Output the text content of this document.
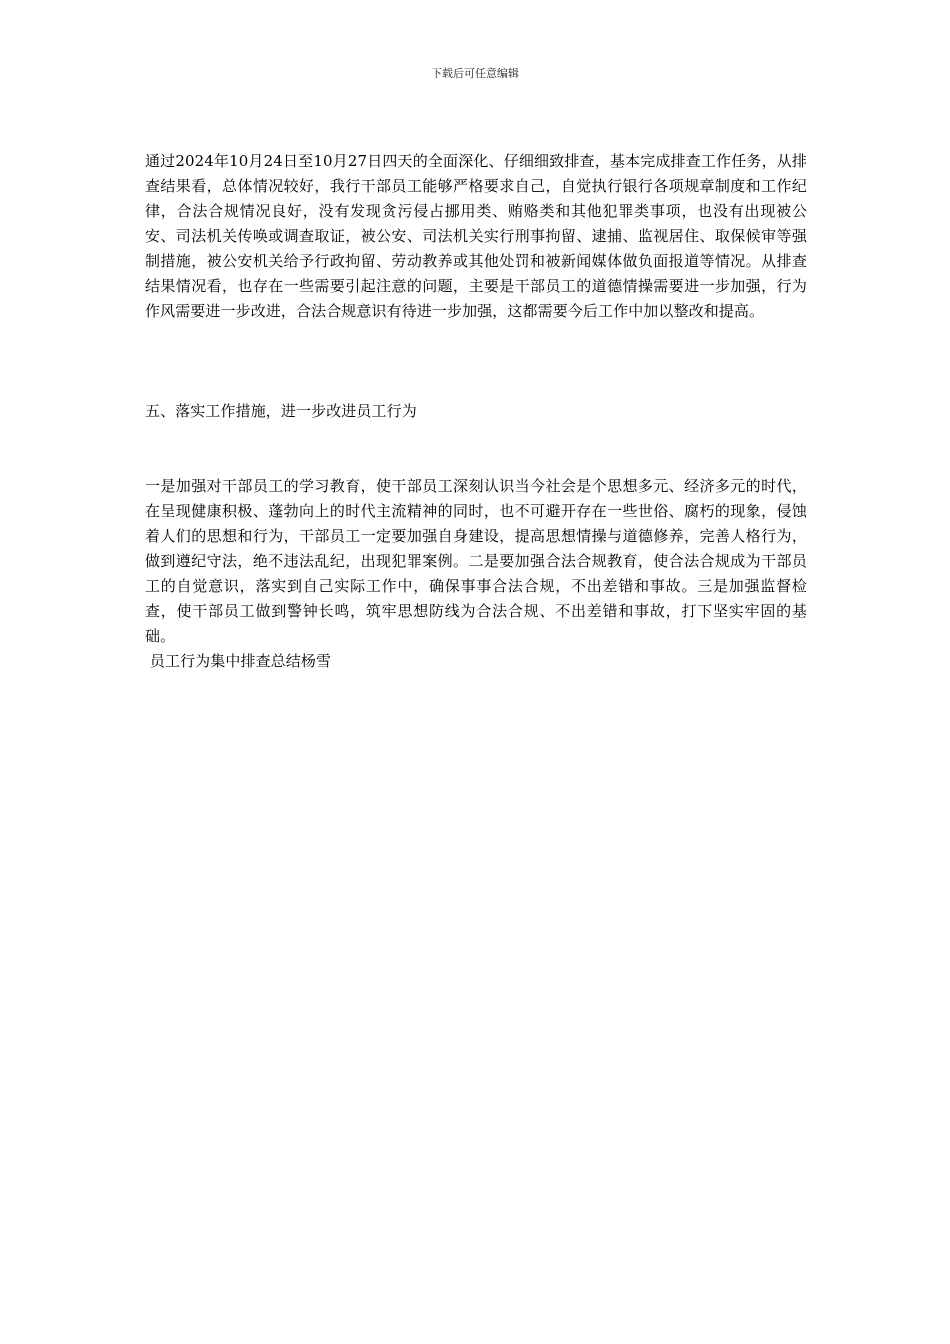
下载后可任意编辑
通过2024年10月24日至10月27日四天的全面深化、仔细细致排查，基本完成排查工作任务，从排查结果看，总体情况较好，我行干部员工能够严格要求自己，自觉执行银行各项规章制度和工作纪律，合法合规情况良好，没有发现贪污侵占挪用类、贿赂类和其他犯罪类事项，也没有出现被公安、司法机关传唤或调查取证，被公安、司法机关实行刑事拘留、逮捕、监视居住、取保候审等强制措施，被公安机关给予行政拘留、劳动教养或其他处罚和被新闻媒体做负面报道等情况。从排查结果情况看，也存在一些需要引起注意的问题，主要是干部员工的道德情操需要进一步加强，行为作风需要进一步改进，合法合规意识有待进一步加强，这都需要今后工作中加以整改和提高。
五、落实工作措施，进一步改进员工行为
一是加强对干部员工的学习教育，使干部员工深刻认识当今社会是个思想多元、经济多元的时代，在呈现健康积极、蓬勃向上的时代主流精神的同时，也不可避开存在一些世俗、腐朽的现象，侵蚀着人们的思想和行为，干部员工一定要加强自身建设，提高思想情操与道德修养，完善人格行为，做到遵纪守法，绝不违法乱纪，出现犯罪案例。二是要加强合法合规教育，使合法合规成为干部员工的自觉意识，落实到自己实际工作中，确保事事合法合规，不出差错和事故。三是加强监督检查，使干部员工做到警钟长鸣，筑牢思想防线为合法合规、不出差错和事故，打下坚实牢固的基础。
员工行为集中排查总结杨雪
